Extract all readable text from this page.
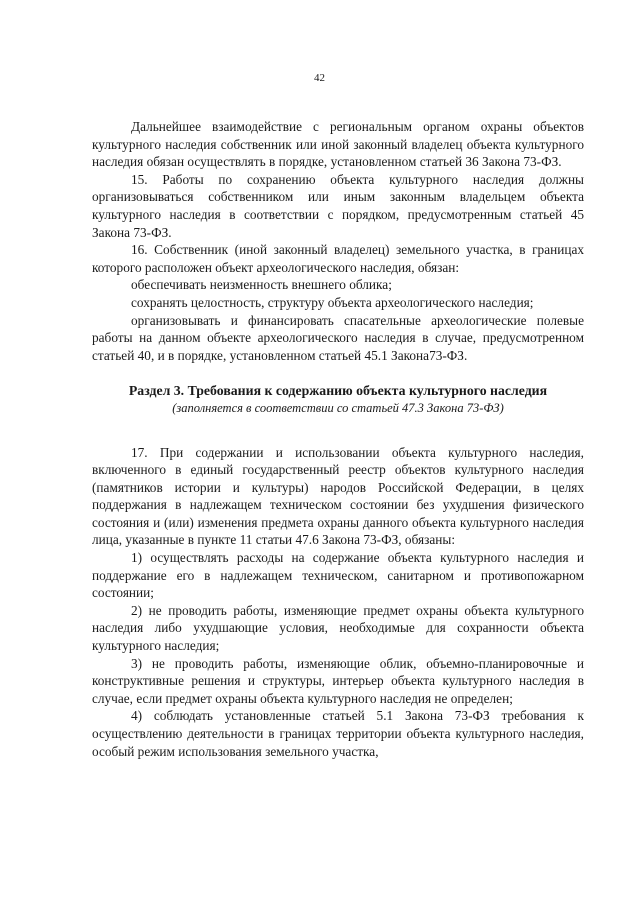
42

Дальнейшее взаимодействие с региональным органом охраны объектов культурного наследия собственник или иной законный владелец объекта культурного наследия обязан осуществлять в порядке, установленном статьей 36 Закона 73-ФЗ.

15. Работы по сохранению объекта культурного наследия должны организовываться собственником или иным законным владельцем объекта культурного наследия в соответствии с порядком, предусмотренным статьей 45 Закона 73-ФЗ.

16. Собственник (иной законный владелец) земельного участка, в границах которого расположен объект археологического наследия, обязан:

обеспечивать неизменность внешнего облика;

сохранять целостность, структуру объекта археологического наследия;

организовывать и финансировать спасательные археологические полевые работы на данном объекте археологического наследия в случае, предусмотренном статьей 40, и в порядке, установленном статьей 45.1 Закона73-ФЗ.

Раздел 3. Требования к содержанию объекта культурного наследия

(заполняется в соответствии со статьей 47.3 Закона 73-ФЗ)

17. При содержании и использовании объекта культурного наследия, включенного в единый государственный реестр объектов культурного наследия (памятников истории и культуры) народов Российской Федерации, в целях поддержания в надлежащем техническом состоянии без ухудшения физического состояния и (или) изменения предмета охраны данного объекта культурного наследия лица, указанные в пункте 11 статьи 47.6 Закона 73-ФЗ, обязаны:

1) осуществлять расходы на содержание объекта культурного наследия и поддержание его в надлежащем техническом, санитарном и противопожарном состоянии;

2) не проводить работы, изменяющие предмет охраны объекта культурного наследия либо ухудшающие условия, необходимые для сохранности объекта культурного наследия;

3) не проводить работы, изменяющие облик, объемно-планировочные и конструктивные решения и структуры, интерьер объекта культурного наследия в случае, если предмет охраны объекта культурного наследия не определен;

4) соблюдать установленные статьей 5.1 Закона 73-ФЗ требования к осуществлению деятельности в границах территории объекта культурного наследия, особый режим использования земельного участка,
